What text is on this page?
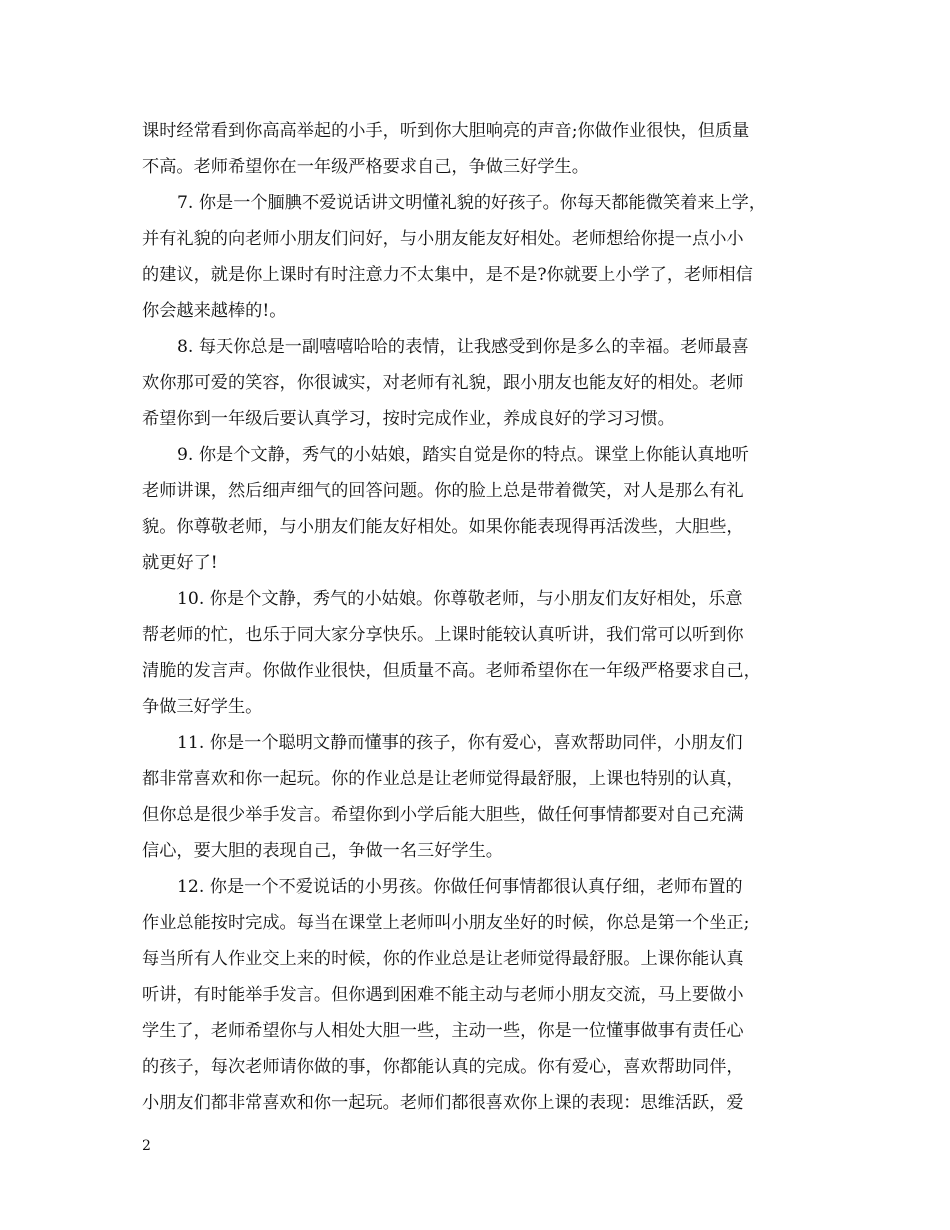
课时经常看到你高高举起的小手，听到你大胆响亮的声音;你做作业很快，但质量
不高。老师希望你在一年级严格要求自己，争做三好学生。
7. 你是一个腼腆不爱说话讲文明懂礼貌的好孩子。你每天都能微笑着来上学，
并有礼貌的向老师小朋友们问好，与小朋友能友好相处。老师想给你提一点小小
的建议，就是你上课时有时注意力不太集中，是不是?你就要上小学了，老师相信
你会越来越棒的!。
8. 每天你总是一副嘻嘻哈哈的表情，让我感受到你是多么的幸福。老师最喜
欢你那可爱的笑容，你很诚实，对老师有礼貌，跟小朋友也能友好的相处。老师
希望你到一年级后要认真学习，按时完成作业，养成良好的学习习惯。
9. 你是个文静，秀气的小姑娘，踏实自觉是你的特点。课堂上你能认真地听
老师讲课，然后细声细气的回答问题。你的脸上总是带着微笑，对人是那么有礼
貌。你尊敬老师，与小朋友们能友好相处。如果你能表现得再活泼些，大胆些，
就更好了!
10. 你是个文静，秀气的小姑娘。你尊敬老师，与小朋友们友好相处，乐意
帮老师的忙，也乐于同大家分享快乐。上课时能较认真听讲，我们常可以听到你
清脆的发言声。你做作业很快，但质量不高。老师希望你在一年级严格要求自己，
争做三好学生。
11. 你是一个聪明文静而懂事的孩子，你有爱心，喜欢帮助同伴，小朋友们
都非常喜欢和你一起玩。你的作业总是让老师觉得最舒服，上课也特别的认真，
但你总是很少举手发言。希望你到小学后能大胆些，做任何事情都要对自己充满
信心，要大胆的表现自己，争做一名三好学生。
12. 你是一个不爱说话的小男孩。你做任何事情都很认真仔细，老师布置的
作业总能按时完成。每当在课堂上老师叫小朋友坐好的时候，你总是第一个坐正;
每当所有人作业交上来的时候，你的作业总是让老师觉得最舒服。上课你能认真
听讲，有时能举手发言。但你遇到困难不能主动与老师小朋友交流，马上要做小
学生了，老师希望你与人相处大胆一些，主动一些，你是一位懂事做事有责任心
的孩子，每次老师请你做的事，你都能认真的完成。你有爱心，喜欢帮助同伴，
小朋友们都非常喜欢和你一起玩。老师们都很喜欢你上课的表现：思维活跃，爱
2
